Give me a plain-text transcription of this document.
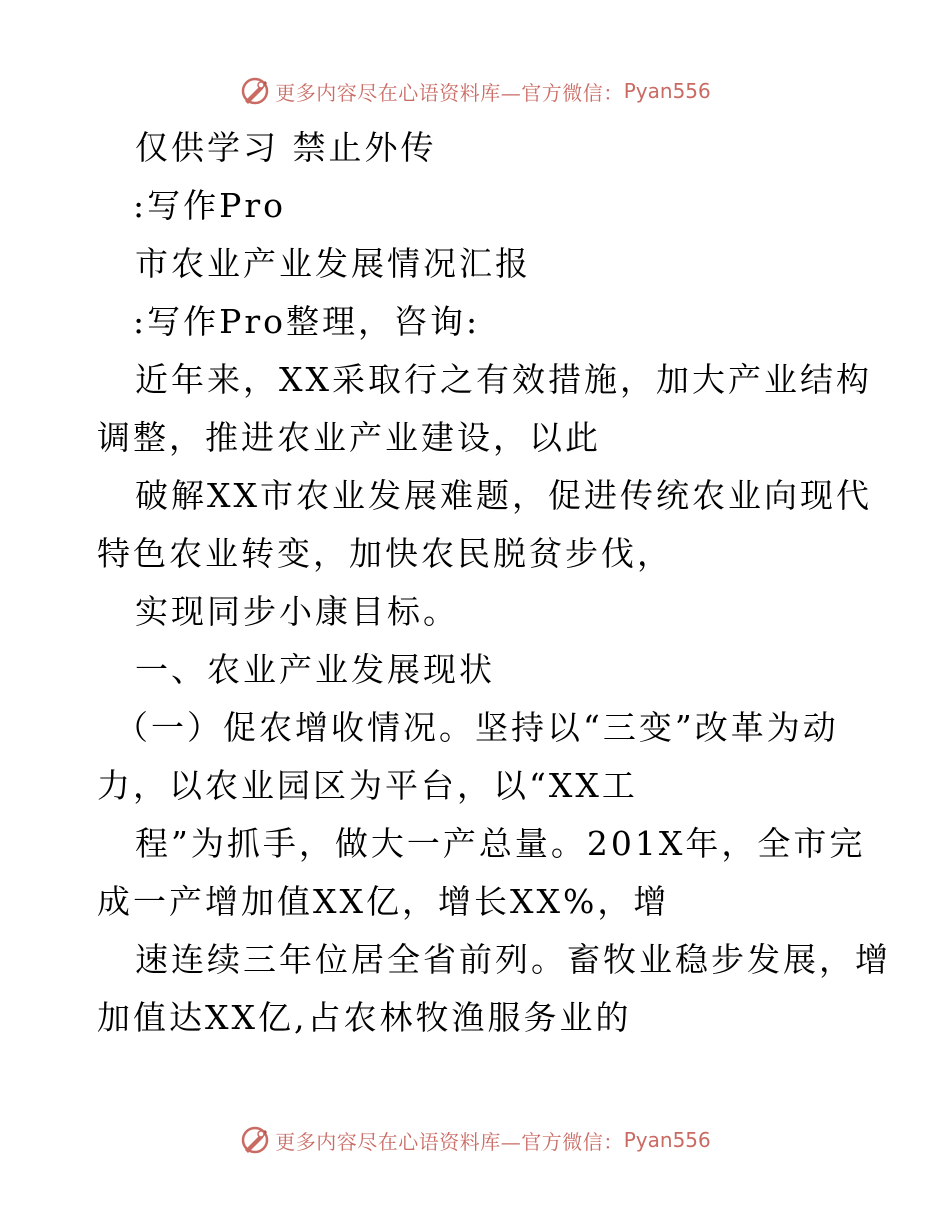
更多内容尽在心语资料库—官方微信： Pyan556
仅供学习 禁止外传
:写作Pro
市农业产业发展情况汇报
:写作Pro整理，咨询:
近年来，XX采取行之有效措施，加大产业结构
调整，推进农业产业建设，以此
破解XX市农业发展难题，促进传统农业向现代
特色农业转变，加快农民脱贫步伐，
实现同步小康目标。
一、农业产业发展现状
（一）促农增收情况。坚持以“三变”改革为动
力，以农业园区为平台，以“XX工
程”为抓手，做大一产总量。201X年，全市完
成一产增加值XX亿，增长XX%，增
速连续三年位居全省前列。畜牧业稳步发展，增
加值达XX亿,占农林牧渔服务业的
更多内容尽在心语资料库—官方微信： Pyan556
